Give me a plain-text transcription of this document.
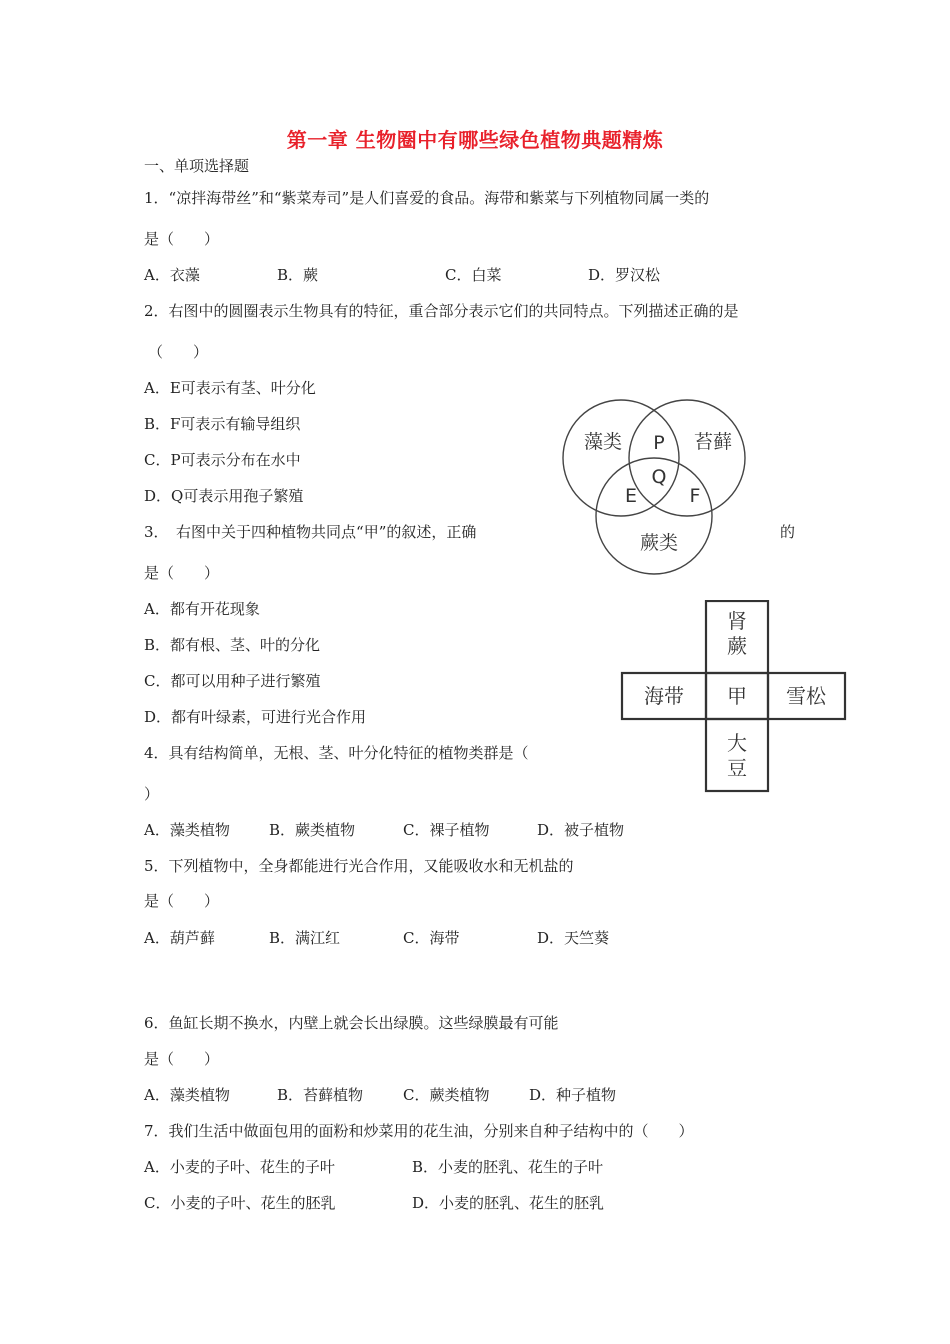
第一章 生物圈中有哪些绿色植物典题精炼
一、单项选择题
1．“凉拌海带丝”和“紫菜寿司”是人们喜爱的食品。海带和紫菜与下列植物同属一类的
是（　　）
A．衣藻	B．蕨	C．白菜	D．罗汉松
2．右图中的圆圈表示生物具有的特征，重合部分表示它们的共同特点。下列描述正确的是
（　　）
A．E可表示有茎、叶分化
B．F可表示有输导组织
C．P可表示分布在水中
D．Q可表示用孢子繁殖
3．　右图中关于四种植物共同点“甲”的叙述，正确	的
是（　　）
A．都有开花现象
B．都有根、茎、叶的分化
C．都可以用种子进行繁殖
D．都有叶绿素，可进行光合作用
4．具有结构简单，无根、茎、叶分化特征的植物类群是（
）
A．藻类植物	B．蕨类植物	C．裸子植物	D．被子植物
5．下列植物中，全身都能进行光合作用，又能吸收水和无机盐的
是（　　）
A．葫芦藓	B．满江红	C．海带	D．天竺葵
6．鱼缸长期不换水，内壁上就会长出绿膜。这些绿膜最有可能
是（　　）
A．藻类植物	B．苔藓植物	C．蕨类植物	D．种子植物
7．我们生活中做面包用的面粉和炒菜用的花生油，分别来自种子结构中的（　　）
A．小麦的子叶、花生的子叶	B．小麦的胚乳、花生的子叶
C．小麦的子叶、花生的胚乳	D．小麦的胚乳、花生的胚乳
藻类	苔藓
蕨类
P
Q
E	F
肾
蕨
海带 甲 雪松
大
豆
